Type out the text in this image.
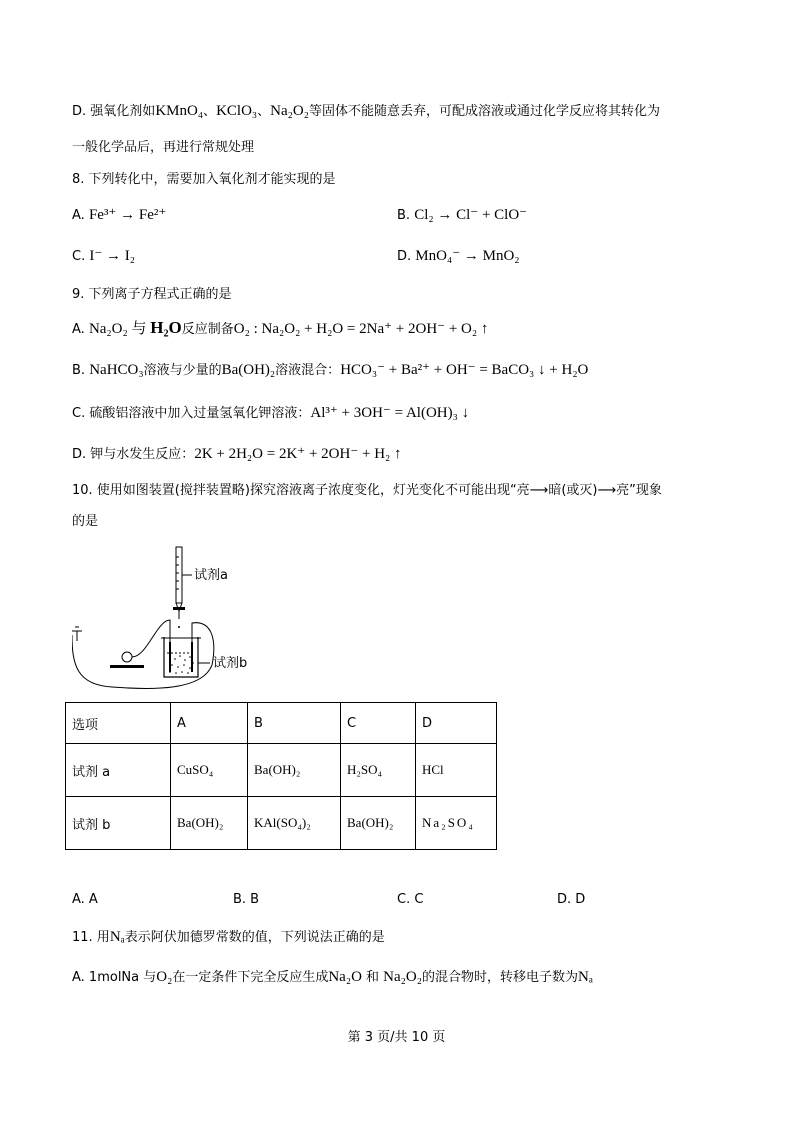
D. 强氧化剂如KMnO₄、KClO₃、Na₂O₂等固体不能随意丢弃，可配成溶液或通过化学反应将其转化为
一般化学品后，再进行常规处理
8. 下列转化中，需要加入氧化剂才能实现的是
A. Fe³⁺ → Fe²⁺	B. Cl₂ → Cl⁻ + ClO⁻
C. I⁻ → I₂	D. MnO₄⁻ → MnO₂
9. 下列离子方程式正确的是
A. Na₂O₂ 与 H₂O反应制备O₂ : Na₂O₂ + H₂O = 2Na⁺ + 2OH⁻ + O₂ ↑
B. NaHCO₃溶液与少量的Ba(OH)₂溶液混合：HCO₃⁻ + Ba²⁺ + OH⁻ = BaCO₃ ↓ + H₂O
C. 硫酸铝溶液中加入过量氢氧化钾溶液：Al³⁺ + 3OH⁻ = Al(OH)₃ ↓
D. 钾与水发生反应：2K + 2H₂O = 2K⁺ + 2OH⁻ + H₂ ↑
10. 使用如图装置(搅拌装置略)探究溶液离子浓度变化，灯光变化不可能出现“亮⟶暗(或灭)⟶亮”现象
的是
试剂a
试剂b
选项	A	B	C	D
试剂 a	CuSO₄	Ba(OH)₂	H₂SO₄	HCl
试剂 b	Ba(OH)₂	KAl(SO₄)₂	Ba(OH)₂	Na₂SO₄
A. A	B. B	C. C	D. D
11. 用Nₐ表示阿伏加德罗常数的值，下列说法正确的是
A. 1molNa 与O₂在一定条件下完全反应生成Na₂O 和 Na₂O₂的混合物时，转移电子数为Nₐ
第 3 页/共 10 页
